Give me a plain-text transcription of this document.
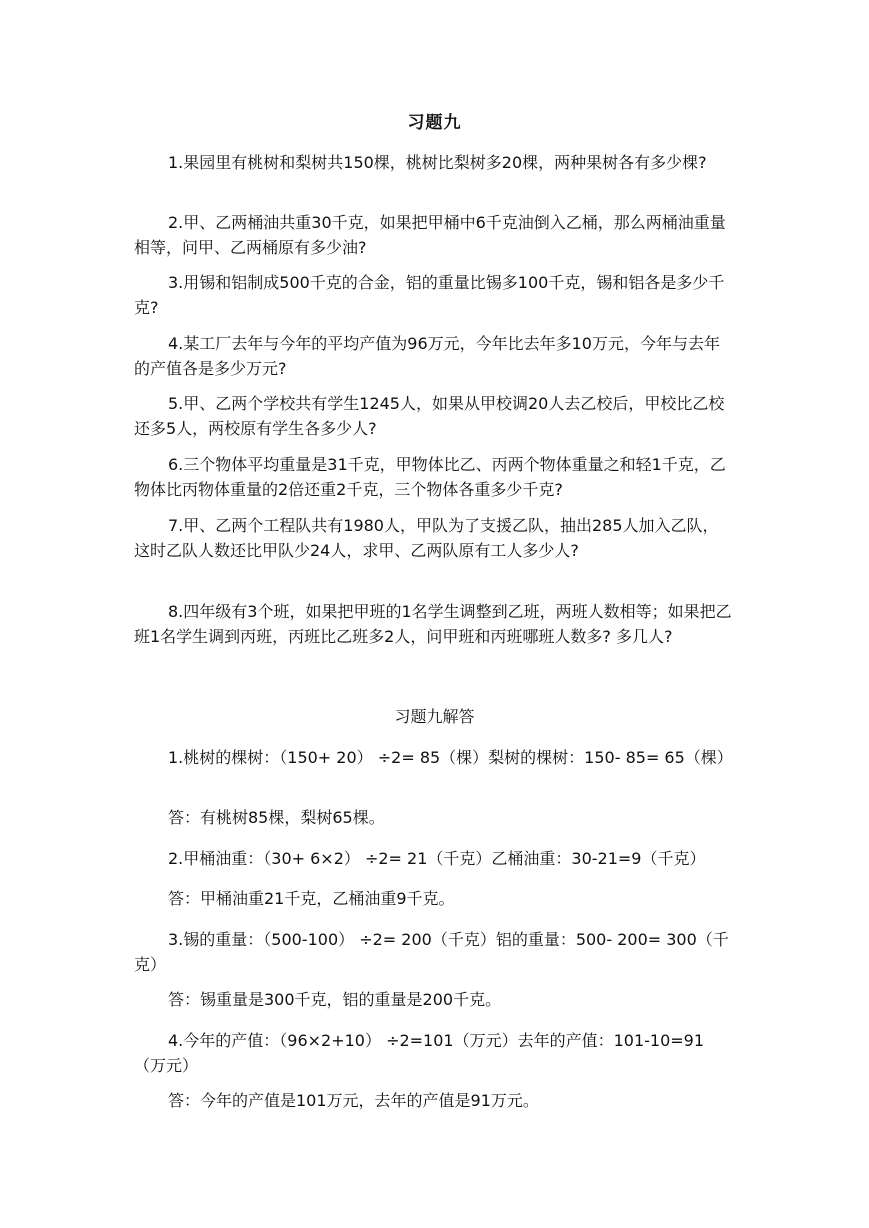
习题九
1.果园里有桃树和梨树共150棵，桃树比梨树多20棵，两种果树各有多少棵?
2.甲、乙两桶油共重30千克，如果把甲桶中6千克油倒入乙桶，那么两桶油重量相等，问甲、乙两桶原有多少油?
3.用锡和铝制成500千克的合金，铝的重量比锡多100千克，锡和铝各是多少千克?
4.某工厂去年与今年的平均产值为96万元，今年比去年多10万元，今年与去年的产值各是多少万元?
5.甲、乙两个学校共有学生1245人，如果从甲校调20人去乙校后，甲校比乙校还多5人，两校原有学生各多少人?
6.三个物体平均重量是31千克，甲物体比乙、丙两个物体重量之和轻1千克，乙物体比丙物体重量的2倍还重2千克，三个物体各重多少千克?
7.甲、乙两个工程队共有1980人，甲队为了支援乙队，抽出285人加入乙队，这时乙队人数还比甲队少24人，求甲、乙两队原有工人多少人?
8.四年级有3个班，如果把甲班的1名学生调整到乙班，两班人数相等；如果把乙班1名学生调到丙班，丙班比乙班多2人，问甲班和丙班哪班人数多? 多几人?
习题九解答
1.桃树的棵树：（150+ 20） ÷2= 85（棵）梨树的棵树：150- 85= 65（棵）
答：有桃树85棵，梨树65棵。
2.甲桶油重：（30+ 6×2） ÷2= 21（千克）乙桶油重：30-21=9（千克）
答：甲桶油重21千克，乙桶油重9千克。
3.锡的重量：（500-100） ÷2= 200（千克）铝的重量：500- 200= 300（千克）
答：锡重量是300千克，铝的重量是200千克。
4.今年的产值：（96×2+10） ÷2=101（万元）去年的产值：101-10=91（万元）
答：今年的产值是101万元，去年的产值是91万元。
